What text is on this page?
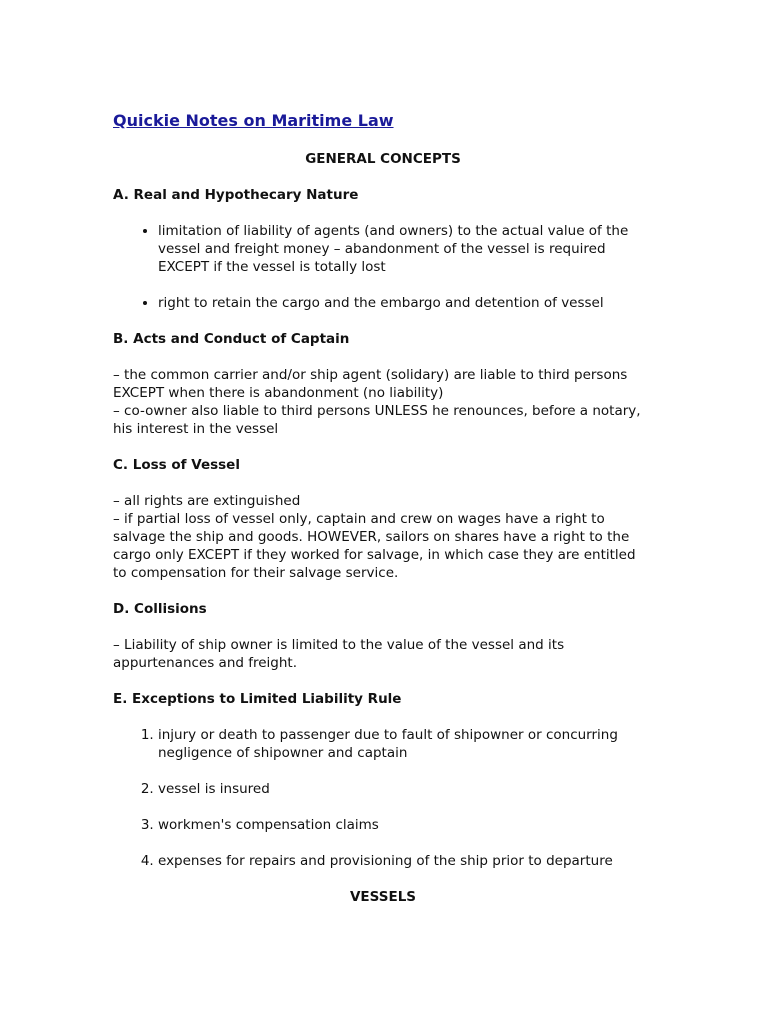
Quickie Notes on Maritime Law
GENERAL CONCEPTS
A. Real and Hypothecary Nature
• limitation of liability of agents (and owners) to the actual value of the vessel and freight money – abandonment of the vessel is required EXCEPT if the vessel is totally lost
• right to retain the cargo and the embargo and detention of vessel
B. Acts and Conduct of Captain
– the common carrier and/or ship agent (solidary) are liable to third persons EXCEPT when there is abandonment (no liability)
– co-owner also liable to third persons UNLESS he renounces, before a notary, his interest in the vessel
C. Loss of Vessel
– all rights are extinguished
– if partial loss of vessel only, captain and crew on wages have a right to salvage the ship and goods. HOWEVER, sailors on shares have a right to the cargo only EXCEPT if they worked for salvage, in which case they are entitled to compensation for their salvage service.
D. Collisions
– Liability of ship owner is limited to the value of the vessel and its appurtenances and freight.
E. Exceptions to Limited Liability Rule
1. injury or death to passenger due to fault of shipowner or concurring negligence of shipowner and captain
2. vessel is insured
3. workmen's compensation claims
4. expenses for repairs and provisioning of the ship prior to departure
VESSELS
